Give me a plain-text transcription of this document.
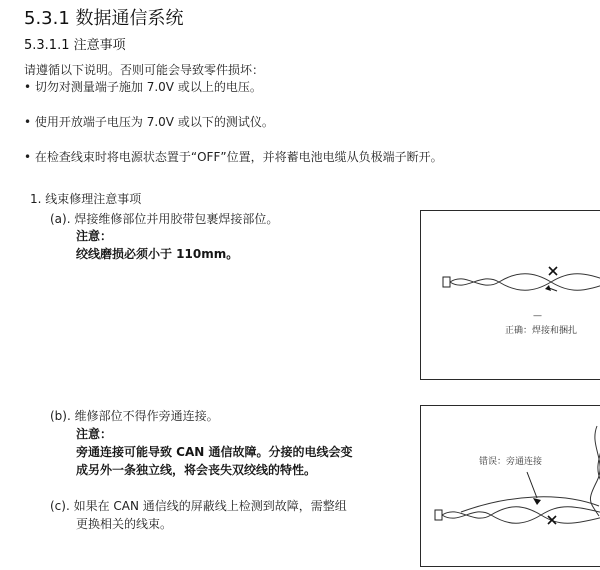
5.3.1 数据通信系统
5.3.1.1 注意事项
请遵循以下说明。否则可能会导致零件损坏：
• 切勿对测量端子施加 7.0V 或以上的电压。
• 使用开放端子电压为 7.0V 或以下的测试仪。
• 在检查线束时将电源状态置于“OFF”位置，并将蓄电池电缆从负极端子断开。
1. 线束修理注意事项
(a). 焊接维修部位并用胶带包裹焊接部位。
注意：
绞线磨损必须小于 110mm。
(b). 维修部位不得作旁通连接。
注意：
旁通连接可能导致 CAN 通信故障。分接的电线会变
成另外一条独立线，将会丧失双绞线的特性。
(c). 如果在 CAN 通信线的屏蔽线上检测到故障，需整组
更换相关的线束。
—
正确：焊接和捆扎
错误：旁通连接
